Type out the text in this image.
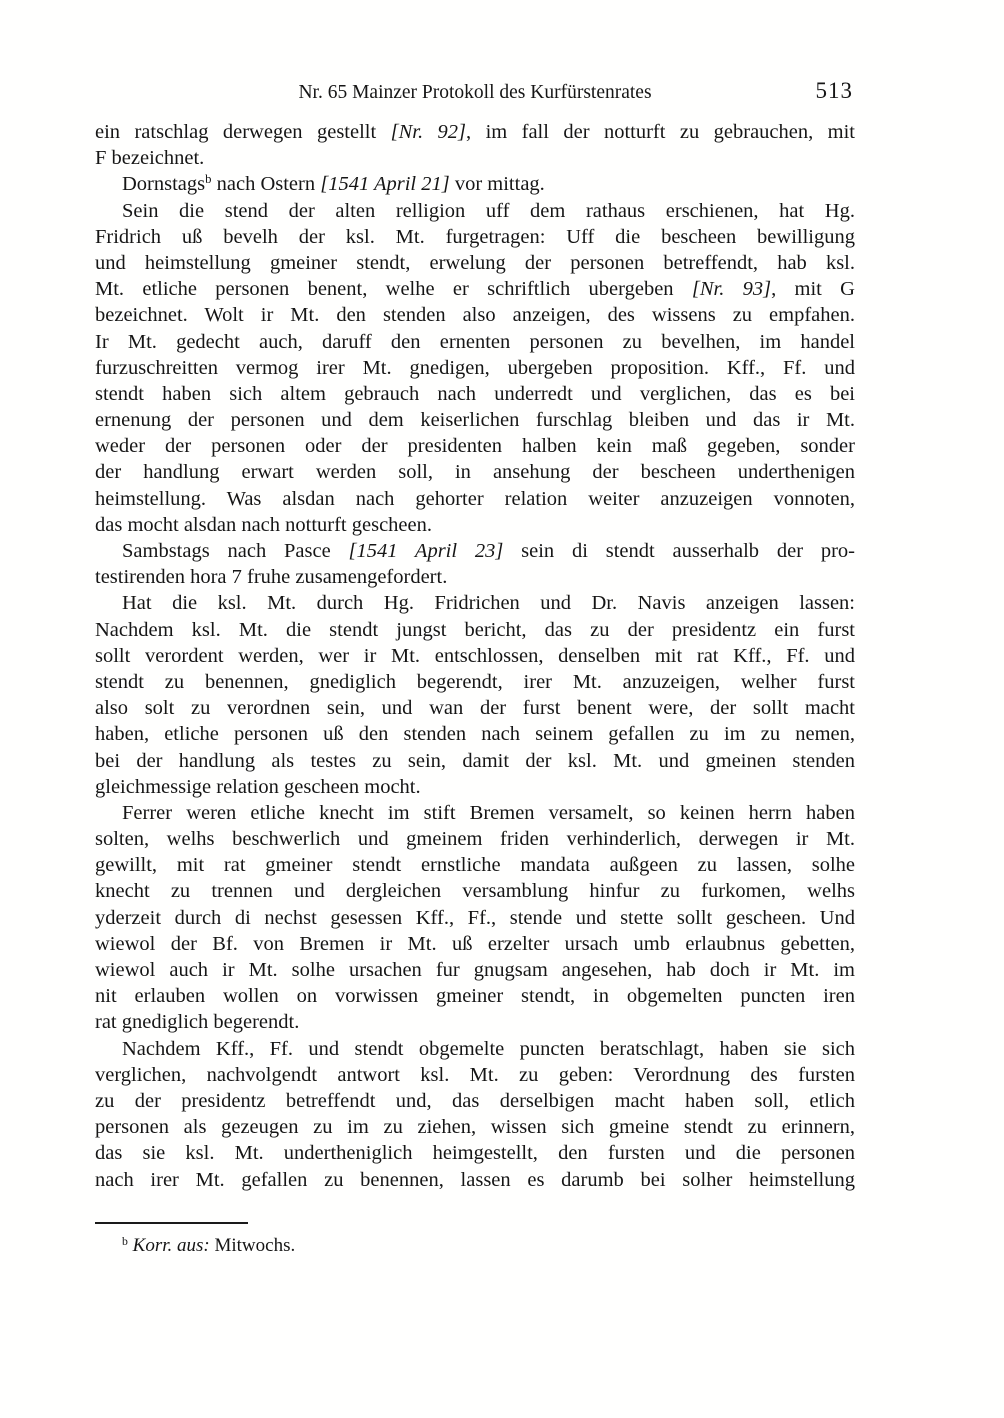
Nr. 65 Mainzer Protokoll des Kurfürstenrates	513
ein ratschlag derwegen gestellt [Nr. 92], im fall der notturft zu gebrauchen, mit
F bezeichnet.
Dornstags$^b$ nach Ostern [1541 April 21] vor mittag.
Sein die stend der alten relligion uff dem rathaus erschienen, hat Hg.
Fridrich uß bevelh der ksl. Mt. furgetragen: Uff die bescheen bewilligung
und heimstellung gmeiner stendt, erwelung der personen betreffendt, hab ksl.
Mt. etliche personen benent, welhe er schriftlich ubergeben [Nr. 93], mit G
bezeichnet. Wolt ir Mt. den stenden also anzeigen, des wissens zu empfahen.
Ir Mt. gedecht auch, daruff den ernenten personen zu bevelhen, im handel
furzuschreitten vermog irer Mt. gnedigen, ubergeben proposition. Kff., Ff. und
stendt haben sich altem gebrauch nach underredt und verglichen, das es bei
ernenung der personen und dem keiserlichen furschlag bleiben und das ir Mt.
weder der personen oder der presidenten halben kein maß gegeben, sonder
der handlung erwart werden soll, in ansehung der bescheen underthenigen
heimstellung. Was alsdan nach gehorter relation weiter anzuzeigen vonnoten,
das mocht alsdan nach notturft gescheen.
Sambstags nach Pasce [1541 April 23] sein di stendt ausserhalb der pro-
testirenden hora 7 fruhe zusamengefordert.
Hat die ksl. Mt. durch Hg. Fridrichen und Dr. Navis anzeigen lassen:
Nachdem ksl. Mt. die stendt jungst bericht, das zu der presidentz ein furst
sollt verordent werden, wer ir Mt. entschlossen, denselben mit rat Kff., Ff. und
stendt zu benennen, gnediglich begerendt, irer Mt. anzuzeigen, welher furst
also solt zu verordnen sein, und wan der furst benent were, der sollt macht
haben, etliche personen uß den stenden nach seinem gefallen zu im zu nemen,
bei der handlung als testes zu sein, damit der ksl. Mt. und gmeinen stenden
gleichmessige relation gescheen mocht.
Ferrer weren etliche knecht im stift Bremen versamelt, so keinen herrn haben
solten, welhs beschwerlich und gmeinem friden verhinderlich, derwegen ir Mt.
gewillt, mit rat gmeiner stendt ernstliche mandata außgeen zu lassen, solhe
knecht zu trennen und dergleichen versamblung hinfur zu furkomen, welhs
yderzeit durch di nechst gesessen Kff., Ff., stende und stette sollt gescheen. Und
wiewol der Bf. von Bremen ir Mt. uß erzelter ursach umb erlaubnus gebetten,
wiewol auch ir Mt. solhe ursachen fur gnugsam angesehen, hab doch ir Mt. im
nit erlauben wollen on vorwissen gmeiner stendt, in obgemelten puncten iren
rat gnediglich begerendt.
Nachdem Kff., Ff. und stendt obgemelte puncten beratschlagt, haben sie sich
verglichen, nachvolgendt antwort ksl. Mt. zu geben: Verordnung des fursten
zu der presidentz betreffendt und, das derselbigen macht haben soll, etlich
personen als gezeugen zu im zu ziehen, wissen sich gmeine stendt zu erinnern,
das sie ksl. Mt. undertheniglich heimgestellt, den fursten und die personen
nach irer Mt. gefallen zu benennen, lassen es darumb bei solher heimstellung
$^b$ Korr. aus: Mitwochs.
